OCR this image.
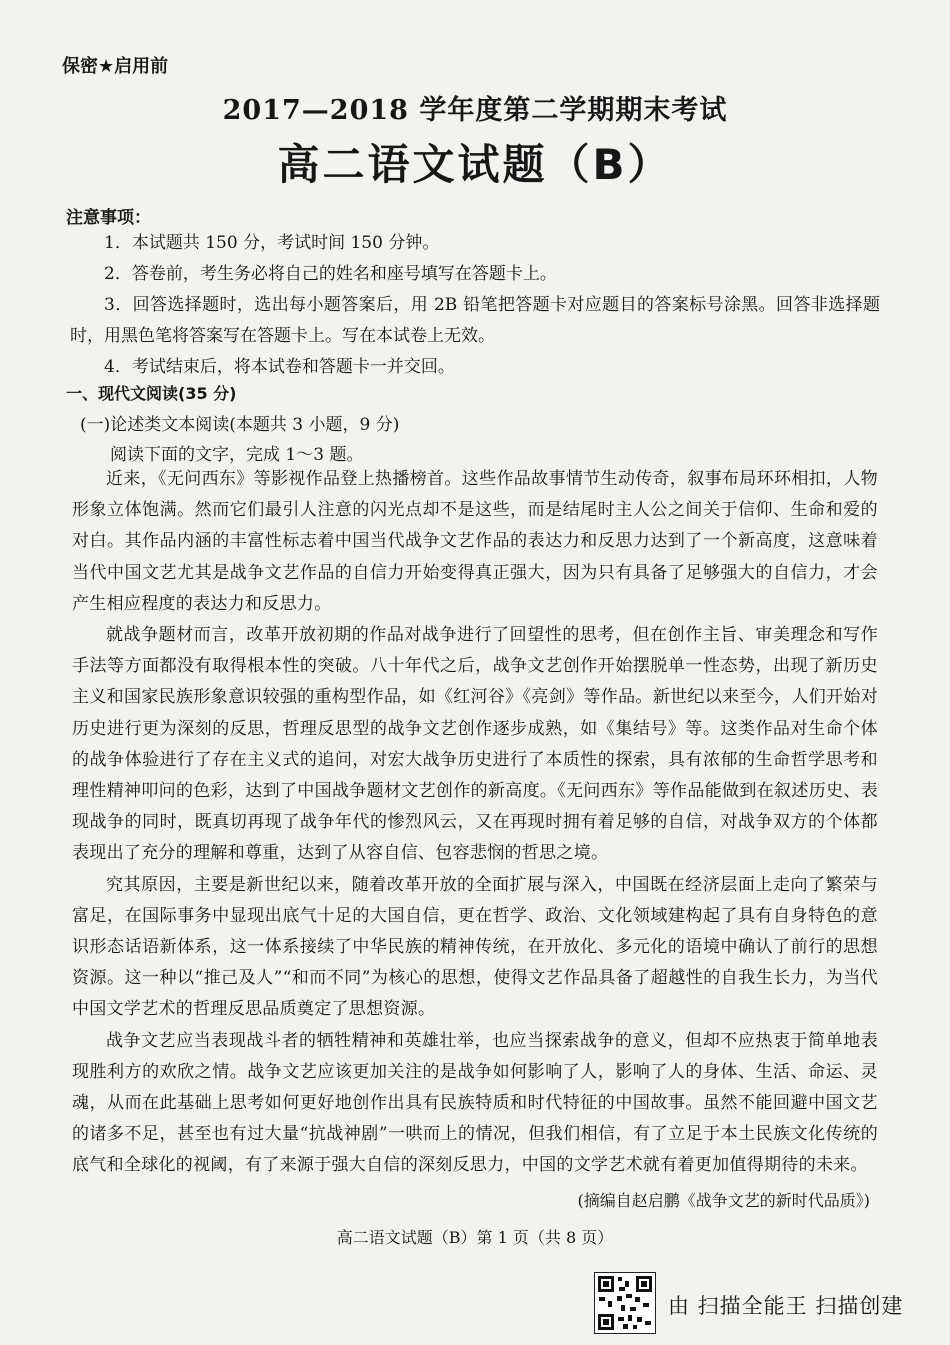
保密★启用前
2017—2018 学年度第二学期期末考试
高二语文试题（B）
注意事项：

1．本试题共 150 分，考试时间 150 分钟。

2．答卷前，考生务必将自己的姓名和座号填写在答题卡上。

3．回答选择题时，选出每小题答案后，用 2B 铅笔把答题卡对应题目的答案标号涂黑。回答非选择题时，用黑色笔将答案写在答题卡上。写在本试卷上无效。

4．考试结束后，将本试卷和答题卡一并交回。

一、现代文阅读(35 分)
(一)论述类文本阅读(本题共 3 小题，9 分)
阅读下面的文字，完成 1～3 题。

近来，《无问西东》等影视作品登上热播榜首。这些作品故事情节生动传奇，叙事布局环环相扣，人物形象立体饱满。然而它们最引人注意的闪光点却不是这些，而是结尾时主人公之间关于信仰、生命和爱的对白。其作品内涵的丰富性标志着中国当代战争文艺作品的表达力和反思力达到了一个新高度，这意味着当代中国文艺尤其是战争文艺作品的自信力开始变得真正强大，因为只有具备了足够强大的自信力，才会产生相应程度的表达力和反思力。

就战争题材而言，改革开放初期的作品对战争进行了回望性的思考，但在创作主旨、审美理念和写作手法等方面都没有取得根本性的突破。八十年代之后，战争文艺创作开始摆脱单一性态势，出现了新历史主义和国家民族形象意识较强的重构型作品，如《红河谷》《亮剑》等作品。新世纪以来至今，人们开始对历史进行更为深刻的反思，哲理反思型的战争文艺创作逐步成熟，如《集结号》等。这类作品对生命个体的战争体验进行了存在主义式的追问，对宏大战争历史进行了本质性的探索，具有浓郁的生命哲学思考和理性精神叩问的色彩，达到了中国战争题材文艺创作的新高度。《无问西东》等作品能做到在叙述历史、表现战争的同时，既真切再现了战争年代的惨烈风云，又在再现时拥有着足够的自信，对战争双方的个体都表现出了充分的理解和尊重，达到了从容自信、包容悲悯的哲思之境。

究其原因，主要是新世纪以来，随着改革开放的全面扩展与深入，中国既在经济层面上走向了繁荣与富足，在国际事务中显现出底气十足的大国自信，更在哲学、政治、文化领域建构起了具有自身特色的意识形态话语新体系，这一体系接续了中华民族的精神传统，在开放化、多元化的语境中确认了前行的思想资源。这一种以“推己及人”“和而不同”为核心的思想，使得文艺作品具备了超越性的自我生长力，为当代中国文学艺术的哲理反思品质奠定了思想资源。

战争文艺应当表现战斗者的牺牲精神和英雄壮举，也应当探索战争的意义，但却不应热衷于简单地表现胜利方的欢欣之情。战争文艺应该更加关注的是战争如何影响了人，影响了人的身体、生活、命运、灵魂，从而在此基础上思考如何更好地创作出具有民族特质和时代特征的中国故事。虽然不能回避中国文艺的诸多不足，甚至也有过大量“抗战神剧”一哄而上的情况，但我们相信，有了立足于本土民族文化传统的底气和全球化的视阈，有了来源于强大自信的深刻反思力，中国的文学艺术就有着更加值得期待的未来。

(摘编自赵启鹏《战争文艺的新时代品质》)
高二语文试题（B）第 1 页（共 8 页）
由 扫描全能王 扫描创建
